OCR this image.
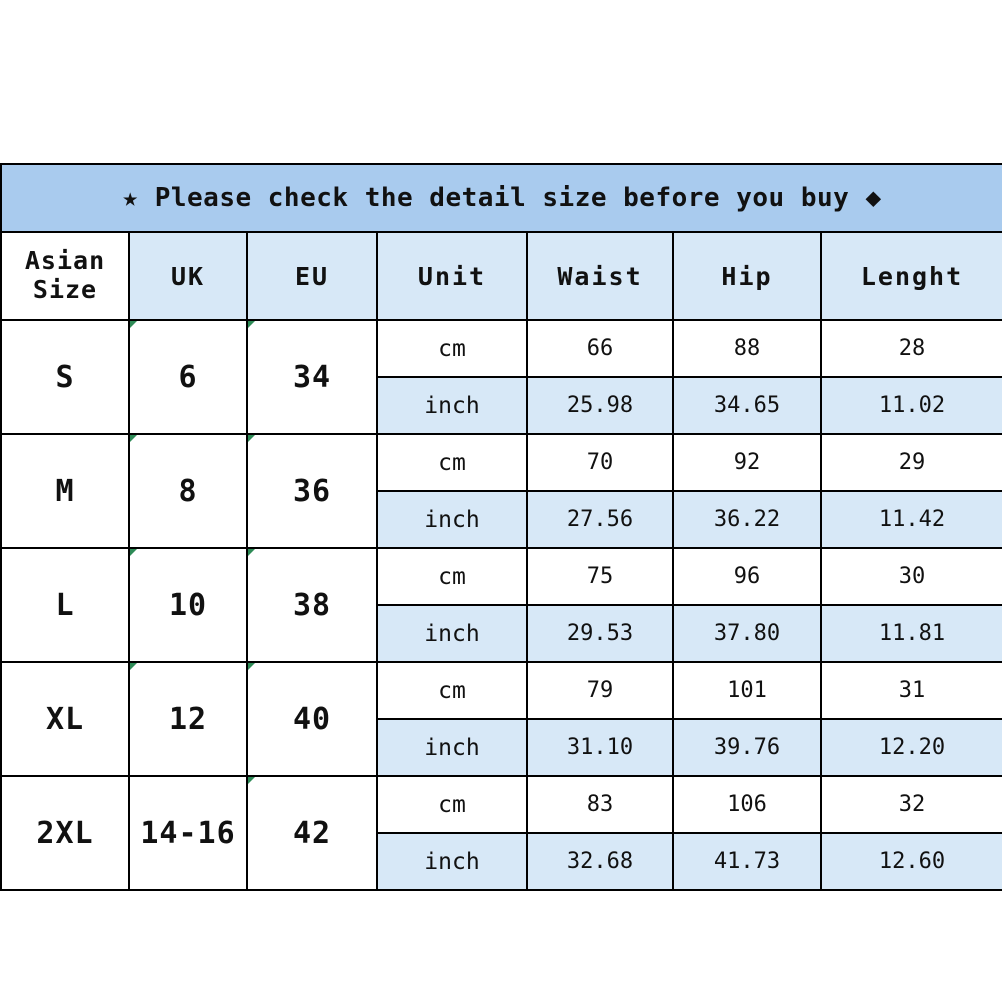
★ Please check the detail size before you buy ◆						

Asian
Size	UK	EU	Unit	Waist	Hip	Lenght
S	6	34	cm	66	88	28
			inch	25.98	34.65	11.02
M	8	36	cm	70	92	29
			inch	27.56	36.22	11.42
L	10	38	cm	75	96	30
			inch	29.53	37.80	11.81
XL	12	40	cm	79	101	31
			inch	31.10	39.76	12.20
2XL	14-16	42	cm	83	106	32
			inch	32.68	41.73	12.60
